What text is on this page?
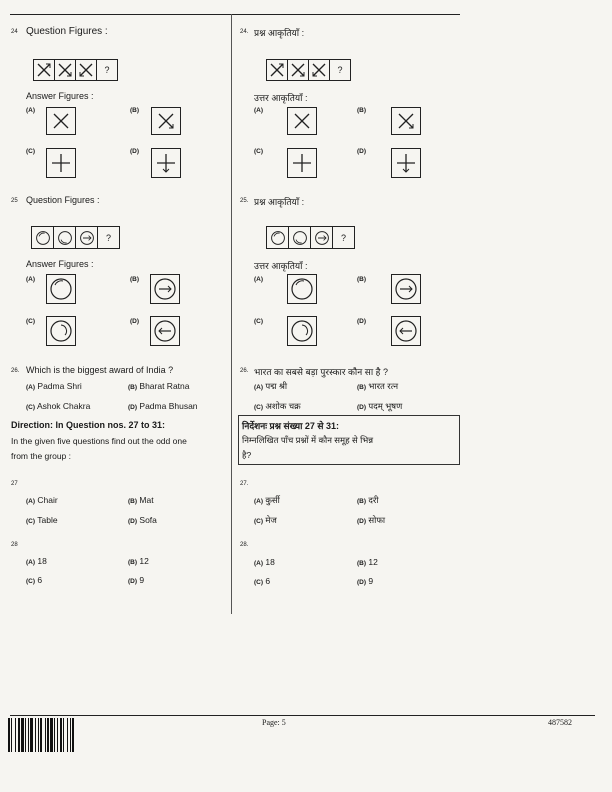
24 Question Figures :
?
Answer Figures :
(A)	(B)
(C)	(D)
25 Question Figures :
?
Answer Figures :
(A)	(B)
(C)	(D)
26. Which is the biggest award of India ?
(A) Padma Shri	(B) Bharat Ratna
(C) Ashok Chakra	(D) Padma Bhusan
Direction: In Question nos. 27 to 31:
In the given five questions find out the odd one
from the group :
27
(A) Chair	(B) Mat
(C) Table	(D) Sofa
28
(A) 18	(B) 12
(C) 6	(D) 9
24. प्रश्न आकृतियाँ :
?
उत्तर आकृतियाँ :
(A)	(B)
(C)	(D)
25. प्रश्न आकृतियाँ :
?
उत्तर आकृतियाँ :
(A)	(B)
(C)	(D)
26. भारत का सबसे बड़ा पुरस्कार कौन सा है ?
(A) पद्म श्री	(B) भारत रत्न
(C) अशोक चक्र	(D) पदम् भूषण
निर्देशनः प्रश्न संख्या 27 से 31:
निम्नलिखित पाँच प्रश्नों में कौन समूह से भिन्न
है?
27.
(A) कुर्सी	(B) दरी
(C) मेज	(D) सोफा
28.
(A) 18	(B) 12
(C) 6	(D) 9
Page: 5	487582
